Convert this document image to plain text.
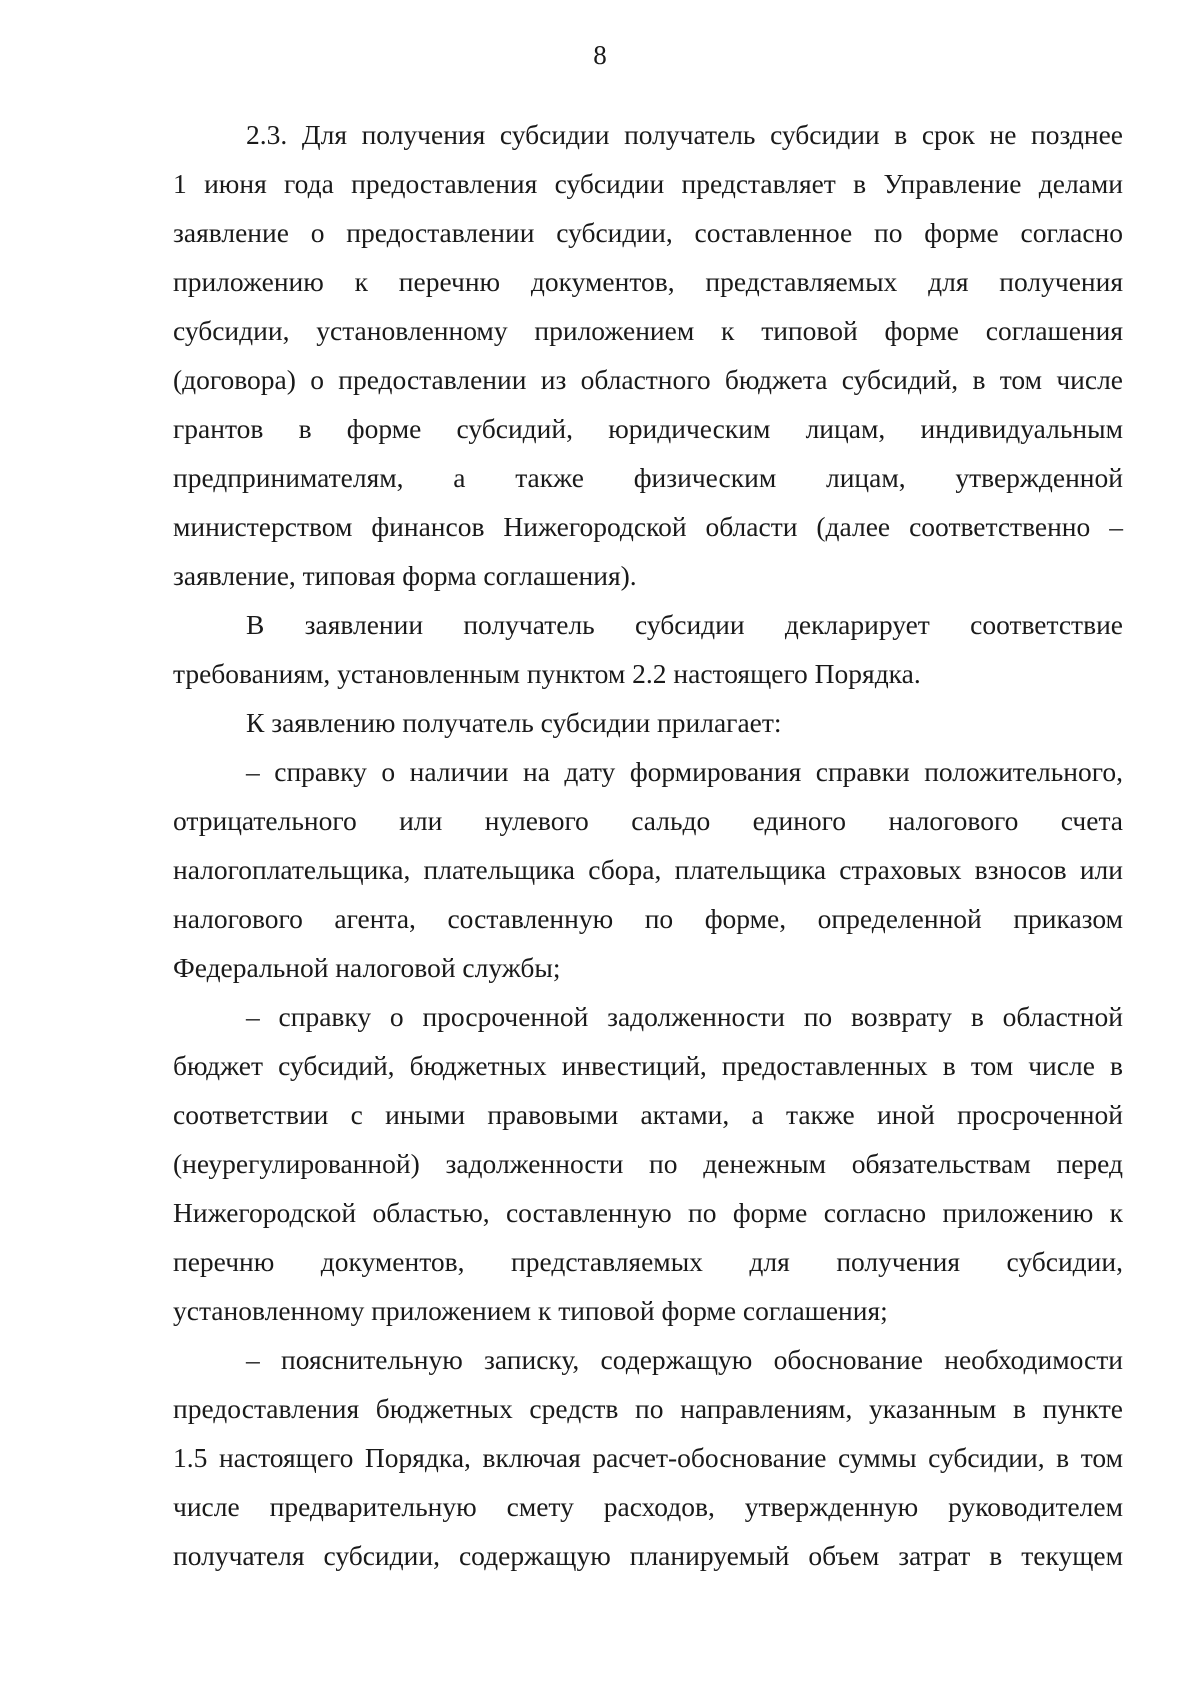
8
2.3. Для получения субсидии получатель субсидии в срок не позднее
1 июня года предоставления субсидии представляет в Управление делами
заявление о предоставлении субсидии, составленное по форме согласно
приложению к перечню документов, представляемых для получения
субсидии, установленному приложением к типовой форме соглашения
(договора) о предоставлении из областного бюджета субсидий, в том числе
грантов в форме субсидий, юридическим лицам, индивидуальным
предпринимателям, а также физическим лицам, утвержденной
министерством финансов Нижегородской области (далее соответственно –
заявление, типовая форма соглашения).
В заявлении получатель субсидии декларирует соответствие
требованиям, установленным пунктом 2.2 настоящего Порядка.
К заявлению получатель субсидии прилагает:
– справку о наличии на дату формирования справки положительного,
отрицательного или нулевого сальдо единого налогового счета
налогоплательщика, плательщика сбора, плательщика страховых взносов или
налогового агента, составленную по форме, определенной приказом
Федеральной налоговой службы;
– справку о просроченной задолженности по возврату в областной
бюджет субсидий, бюджетных инвестиций, предоставленных в том числе в
соответствии с иными правовыми актами, а также иной просроченной
(неурегулированной) задолженности по денежным обязательствам перед
Нижегородской областью, составленную по форме согласно приложению к
перечню документов, представляемых для получения субсидии,
установленному приложением к типовой форме соглашения;
– пояснительную записку, содержащую обоснование необходимости
предоставления бюджетных средств по направлениям, указанным в пункте
1.5 настоящего Порядка, включая расчет-обоснование суммы субсидии, в том
числе предварительную смету расходов, утвержденную руководителем
получателя субсидии, содержащую планируемый объем затрат в текущем
